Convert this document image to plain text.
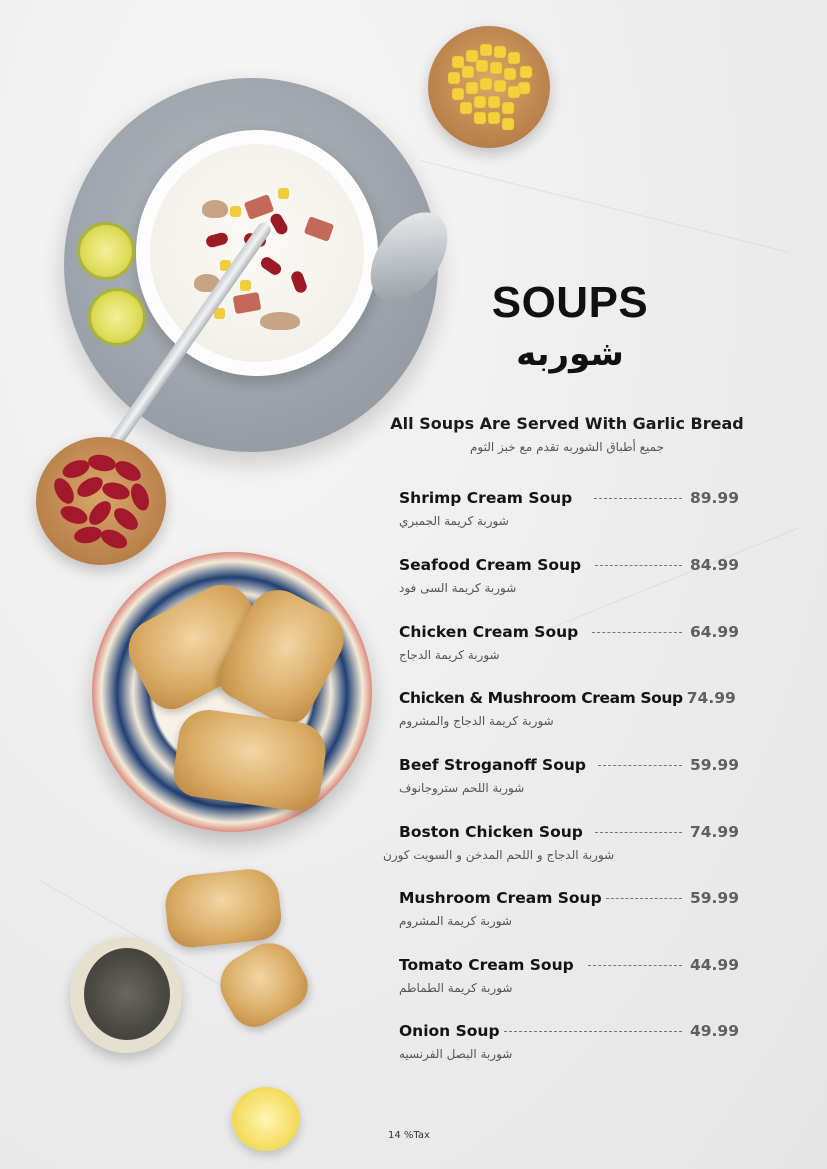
SOUPS
شوربه
All Soups Are Served With Garlic Bread
جميع أطباق الشوربه تقدم مع خبز الثوم
Shrimp Cream Soup	89.99
شوربة كريمة الجمبري
Seafood Cream Soup	84.99
شوربة كريمة السى فود
Chicken Cream Soup	64.99
شوربة كريمة الدجاج
Chicken & Mushroom Cream Soup 74.99
شوربة كريمة الدجاج والمشروم
Beef Stroganoff Soup	59.99
شوربة اللحم ستروجانوف
Boston Chicken Soup	74.99
شوربة الدجاج و اللحم المدخن و السويت كورن
Mushroom Cream Soup	59.99
شوربة كريمة المشروم
Tomato Cream Soup	44.99
شوربة كريمة الطماطم
Onion Soup	49.99
شوربة البصل الفرنسيه
14 %Tax
